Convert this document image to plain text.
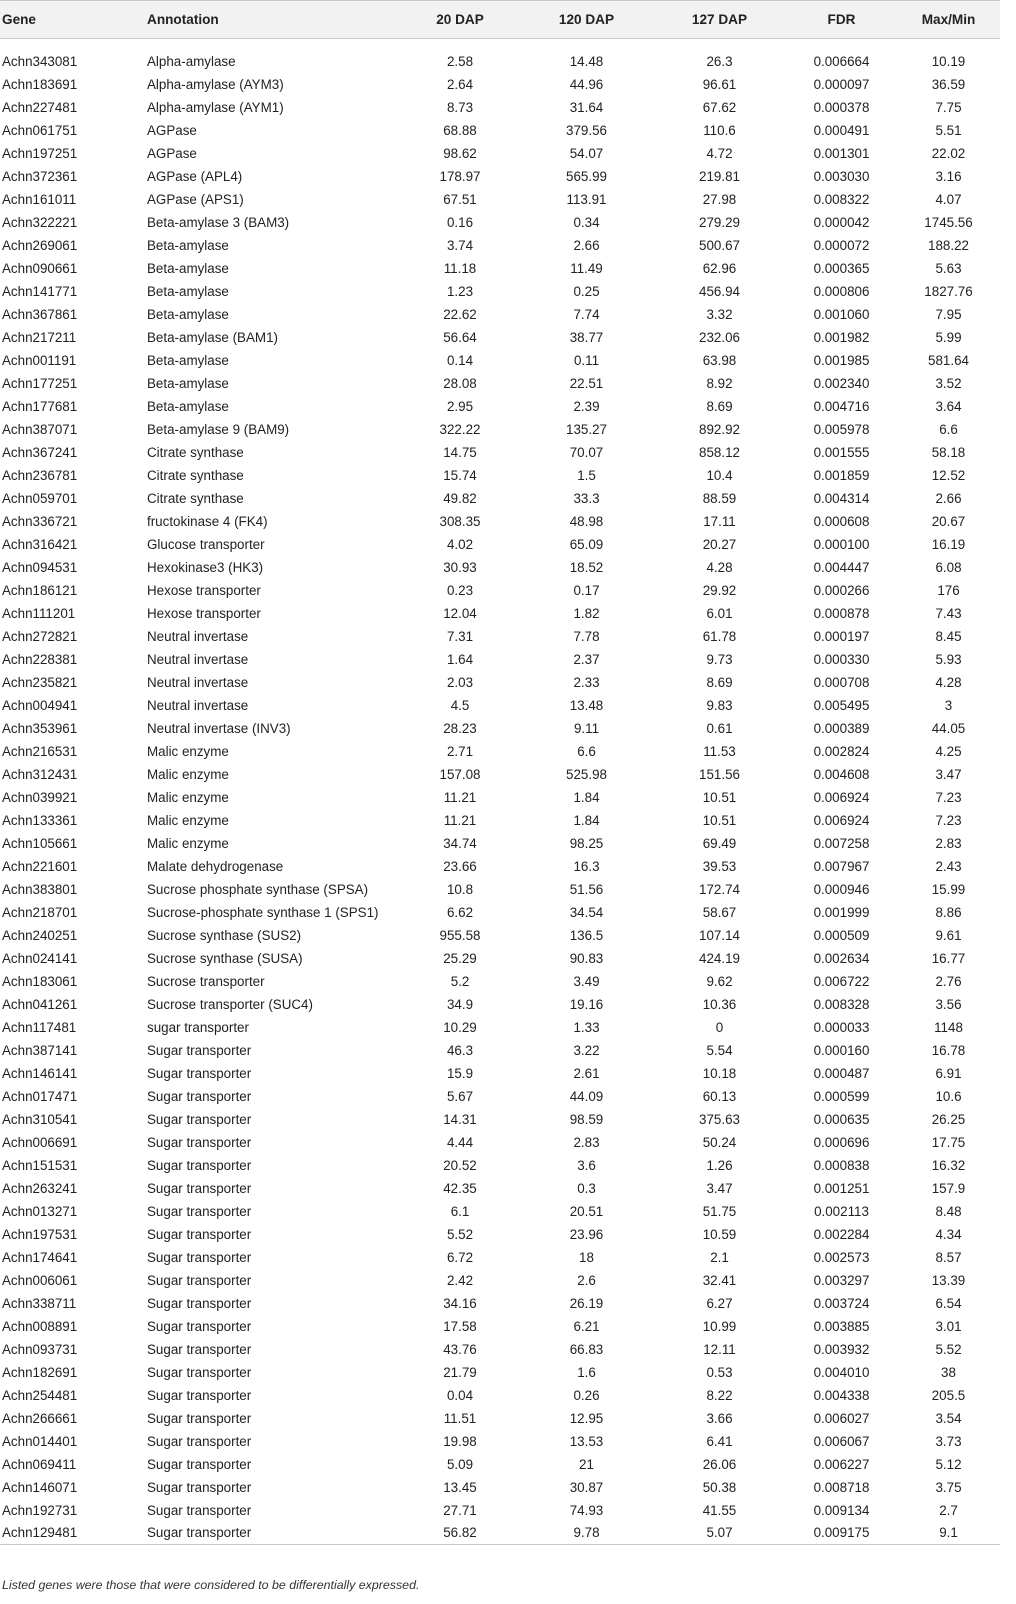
Gene	Annotation	20 DAP	120 DAP	127 DAP	FDR	Max/Min
Achn343081	Alpha-amylase	2.58	14.48	26.3	0.006664	10.19
Achn183691	Alpha-amylase (AYM3)	2.64	44.96	96.61	0.000097	36.59
Achn227481	Alpha-amylase (AYM1)	8.73	31.64	67.62	0.000378	7.75
Achn061751	AGPase	68.88	379.56	110.6	0.000491	5.51
Achn197251	AGPase	98.62	54.07	4.72	0.001301	22.02
Achn372361	AGPase (APL4)	178.97	565.99	219.81	0.003030	3.16
Achn161011	AGPase (APS1)	67.51	113.91	27.98	0.008322	4.07
Achn322221	Beta-amylase 3 (BAM3)	0.16	0.34	279.29	0.000042	1745.56
Achn269061	Beta-amylase	3.74	2.66	500.67	0.000072	188.22
Achn090661	Beta-amylase	11.18	11.49	62.96	0.000365	5.63
Achn141771	Beta-amylase	1.23	0.25	456.94	0.000806	1827.76
Achn367861	Beta-amylase	22.62	7.74	3.32	0.001060	7.95
Achn217211	Beta-amylase (BAM1)	56.64	38.77	232.06	0.001982	5.99
Achn001191	Beta-amylase	0.14	0.11	63.98	0.001985	581.64
Achn177251	Beta-amylase	28.08	22.51	8.92	0.002340	3.52
Achn177681	Beta-amylase	2.95	2.39	8.69	0.004716	3.64
Achn387071	Beta-amylase 9 (BAM9)	322.22	135.27	892.92	0.005978	6.6
Achn367241	Citrate synthase	14.75	70.07	858.12	0.001555	58.18
Achn236781	Citrate synthase	15.74	1.5	10.4	0.001859	12.52
Achn059701	Citrate synthase	49.82	33.3	88.59	0.004314	2.66
Achn336721	fructokinase 4 (FK4)	308.35	48.98	17.11	0.000608	20.67
Achn316421	Glucose transporter	4.02	65.09	20.27	0.000100	16.19
Achn094531	Hexokinase3 (HK3)	30.93	18.52	4.28	0.004447	6.08
Achn186121	Hexose transporter	0.23	0.17	29.92	0.000266	176
Achn111201	Hexose transporter	12.04	1.82	6.01	0.000878	7.43
Achn272821	Neutral invertase	7.31	7.78	61.78	0.000197	8.45
Achn228381	Neutral invertase	1.64	2.37	9.73	0.000330	5.93
Achn235821	Neutral invertase	2.03	2.33	8.69	0.000708	4.28
Achn004941	Neutral invertase	4.5	13.48	9.83	0.005495	3
Achn353961	Neutral invertase (INV3)	28.23	9.11	0.61	0.000389	44.05
Achn216531	Malic enzyme	2.71	6.6	11.53	0.002824	4.25
Achn312431	Malic enzyme	157.08	525.98	151.56	0.004608	3.47
Achn039921	Malic enzyme	11.21	1.84	10.51	0.006924	7.23
Achn133361	Malic enzyme	11.21	1.84	10.51	0.006924	7.23
Achn105661	Malic enzyme	34.74	98.25	69.49	0.007258	2.83
Achn221601	Malate dehydrogenase	23.66	16.3	39.53	0.007967	2.43
Achn383801	Sucrose phosphate synthase (SPSA)	10.8	51.56	172.74	0.000946	15.99
Achn218701	Sucrose-phosphate synthase 1 (SPS1)	6.62	34.54	58.67	0.001999	8.86
Achn240251	Sucrose synthase (SUS2)	955.58	136.5	107.14	0.000509	9.61
Achn024141	Sucrose synthase (SUSA)	25.29	90.83	424.19	0.002634	16.77
Achn183061	Sucrose transporter	5.2	3.49	9.62	0.006722	2.76
Achn041261	Sucrose transporter (SUC4)	34.9	19.16	10.36	0.008328	3.56
Achn117481	sugar transporter	10.29	1.33	0	0.000033	1148
Achn387141	Sugar transporter	46.3	3.22	5.54	0.000160	16.78
Achn146141	Sugar transporter	15.9	2.61	10.18	0.000487	6.91
Achn017471	Sugar transporter	5.67	44.09	60.13	0.000599	10.6
Achn310541	Sugar transporter	14.31	98.59	375.63	0.000635	26.25
Achn006691	Sugar transporter	4.44	2.83	50.24	0.000696	17.75
Achn151531	Sugar transporter	20.52	3.6	1.26	0.000838	16.32
Achn263241	Sugar transporter	42.35	0.3	3.47	0.001251	157.9
Achn013271	Sugar transporter	6.1	20.51	51.75	0.002113	8.48
Achn197531	Sugar transporter	5.52	23.96	10.59	0.002284	4.34
Achn174641	Sugar transporter	6.72	18	2.1	0.002573	8.57
Achn006061	Sugar transporter	2.42	2.6	32.41	0.003297	13.39
Achn338711	Sugar transporter	34.16	26.19	6.27	0.003724	6.54
Achn008891	Sugar transporter	17.58	6.21	10.99	0.003885	3.01
Achn093731	Sugar transporter	43.76	66.83	12.11	0.003932	5.52
Achn182691	Sugar transporter	21.79	1.6	0.53	0.004010	38
Achn254481	Sugar transporter	0.04	0.26	8.22	0.004338	205.5
Achn266661	Sugar transporter	11.51	12.95	3.66	0.006027	3.54
Achn014401	Sugar transporter	19.98	13.53	6.41	0.006067	3.73
Achn069411	Sugar transporter	5.09	21	26.06	0.006227	5.12
Achn146071	Sugar transporter	13.45	30.87	50.38	0.008718	3.75
Achn192731	Sugar transporter	27.71	74.93	41.55	0.009134	2.7
Achn129481	Sugar transporter	56.82	9.78	5.07	0.009175	9.1
Listed genes were those that were considered to be differentially expressed.
